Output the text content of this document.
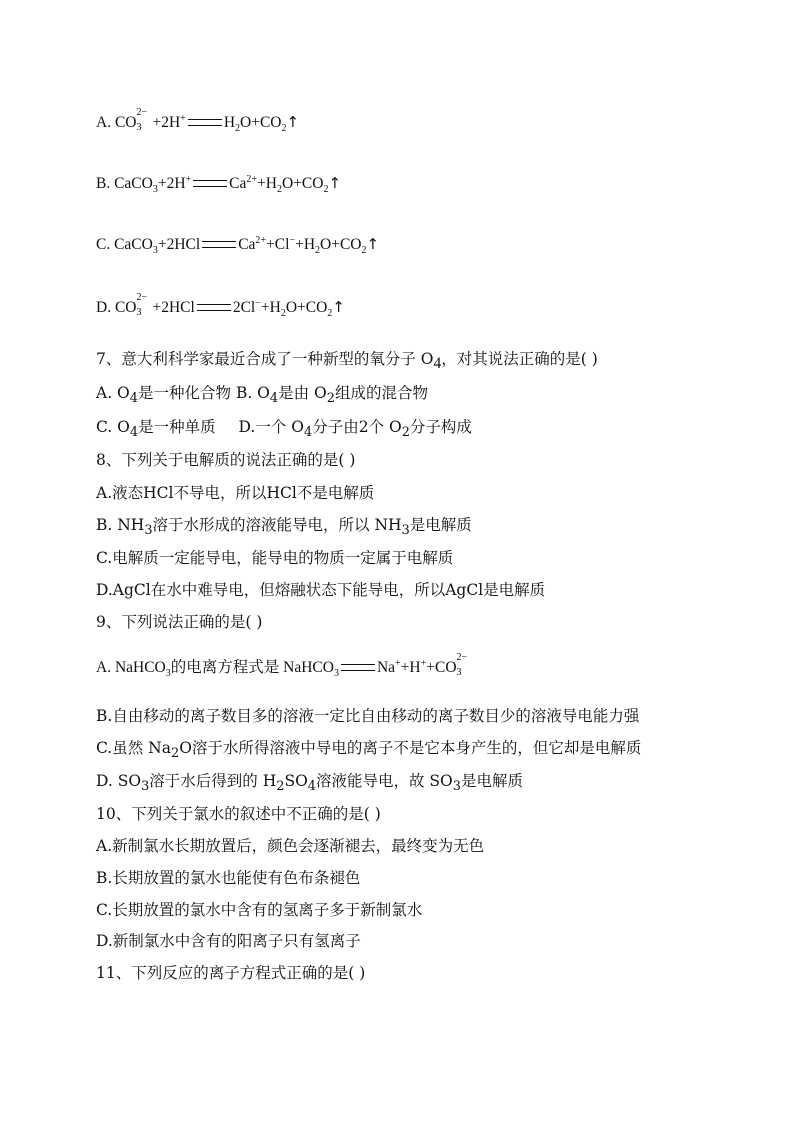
A. CO
2−
3 +2H+ $H_2O+CO_2↑$
B. CaCO$_3$+2H+ $Ca^{2+}+H_2O+CO_2↑$
C. CaCO$_3$+2HCl $Ca^{2+}+Cl^-+H_2O+CO_2↑$
D. CO
2−
3 +2HCl $2Cl^-+H_2O+CO_2↑$
7、意大利科学家最近合成了一种新型的氧分子 $O_4$，对其说法正确的是( )
A. $O_4$是一种化合物 B. $O_4$是由 $O_2$组成的混合物
C. $O_4$是一种单质 D.一个 $O_4$分子由2个 $O_2$分子构成
8、下列关于电解质的说法正确的是( )
A.液态HCl不导电，所以HCl不是电解质
B. $NH_3$溶于水形成的溶液能导电，所以 $NH_3$是电解质
C.电解质一定能导电，能导电的物质一定属于电解质
D.AgCl在水中难导电，但熔融状态下能导电，所以AgCl是电解质
9、下列说法正确的是( )
A. NaHCO$_3$的电离方程式是 NaHCO$_3$ Na++H++CO
2−
3
B.自由移动的离子数目多的溶液一定比自由移动的离子数目少的溶液导电能力强
C.虽然 $Na_2O$溶于水所得溶液中导电的离子不是它本身产生的，但它却是电解质
D. $SO_3$溶于水后得到的 $H_2SO_4$溶液能导电，故 $SO_3$是电解质
10、下列关于氯水的叙述中不正确的是( )
A.新制氯水长期放置后，颜色会逐渐褪去，最终变为无色
B.长期放置的氯水也能使有色布条褪色
C.长期放置的氯水中含有的氢离子多于新制氯水
D.新制氯水中含有的阳离子只有氢离子
11、下列反应的离子方程式正确的是( )
